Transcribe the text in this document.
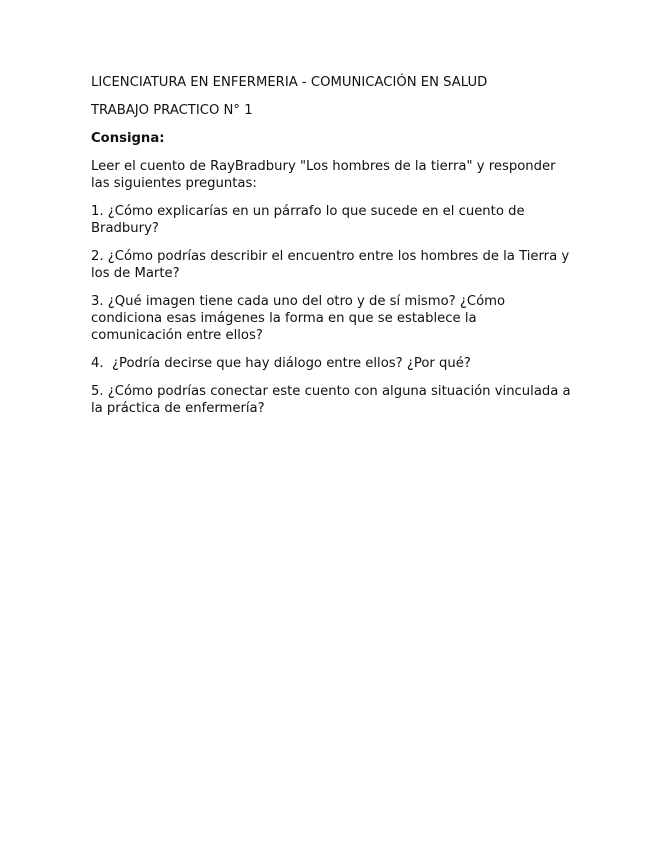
LICENCIATURA EN ENFERMERIA - COMUNICACIÓN EN SALUD

TRABAJO PRACTICO N° 1

Consigna:

Leer el cuento de RayBradbury "Los hombres de la tierra" y responder las siguientes preguntas:

1. ¿Cómo explicarías en un párrafo lo que sucede en el cuento de Bradbury?

2. ¿Cómo podrías describir el encuentro entre los hombres de la Tierra y los de Marte?

3. ¿Qué imagen tiene cada uno del otro y de sí mismo? ¿Cómo condiciona esas imágenes la forma en que se establece la comunicación entre ellos?

4.  ¿Podría decirse que hay diálogo entre ellos? ¿Por qué?

5. ¿Cómo podrías conectar este cuento con alguna situación vinculada a la práctica de enfermería?
